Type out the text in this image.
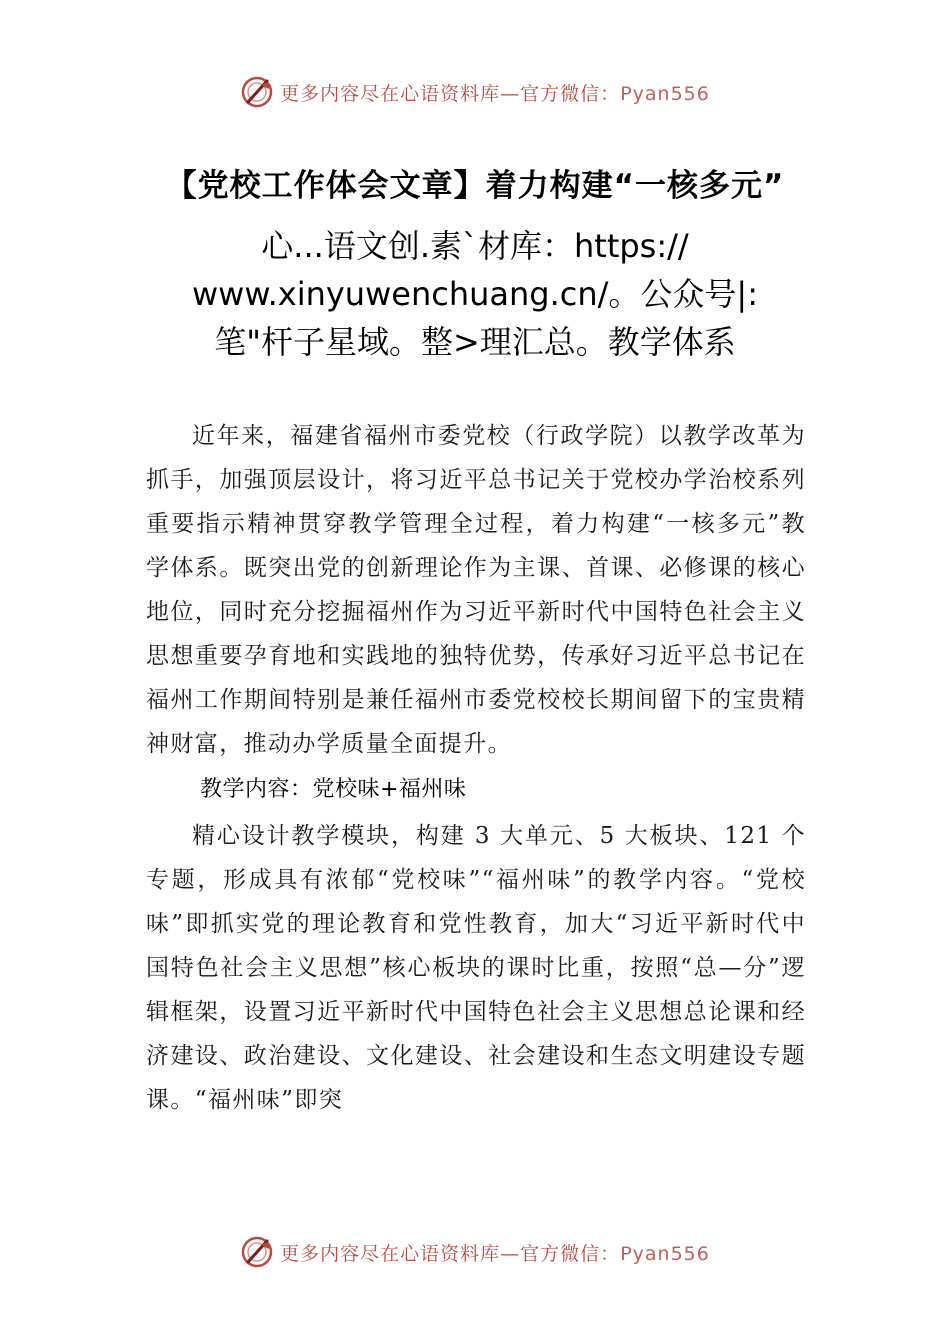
更多内容尽在心语资料库—官方微信：Pyan556
【党校工作体会文章】着力构建“一核多元”
心...语文创.素`材库：https://
www.xinyuwenchuang.cn/。公众号|:
笔"杆子星域。整>理汇总。教学体系

近年来，福建省福州市委党校（行政学院）以教学改革为抓手，加强顶层设计，将习近平总书记关于党校办学治校系列重要指示精神贯穿教学管理全过程，着力构建“一核多元”教学体系。既突出党的创新理论作为主课、首课、必修课的核心地位，同时充分挖掘福州作为习近平新时代中国特色社会主义思想重要孕育地和实践地的独特优势，传承好习近平总书记在福州工作期间特别是兼任福州市委党校校长期间留下的宝贵精神财富，推动办学质量全面提升。

教学内容：党校味+福州味

精心设计教学模块，构建 3 大单元、5 大板块、121 个专题，形成具有浓郁“党校味”“福州味”的教学内容。“党校味”即抓实党的理论教育和党性教育，加大“习近平新时代中国特色社会主义思想”核心板块的课时比重，按照“总—分”逻辑框架，设置习近平新时代中国特色社会主义思想总论课和经济建设、政治建设、文化建设、社会建设和生态文明建设专题课。“福州味”即突

更多内容尽在心语资料库—官方微信：Pyan556
